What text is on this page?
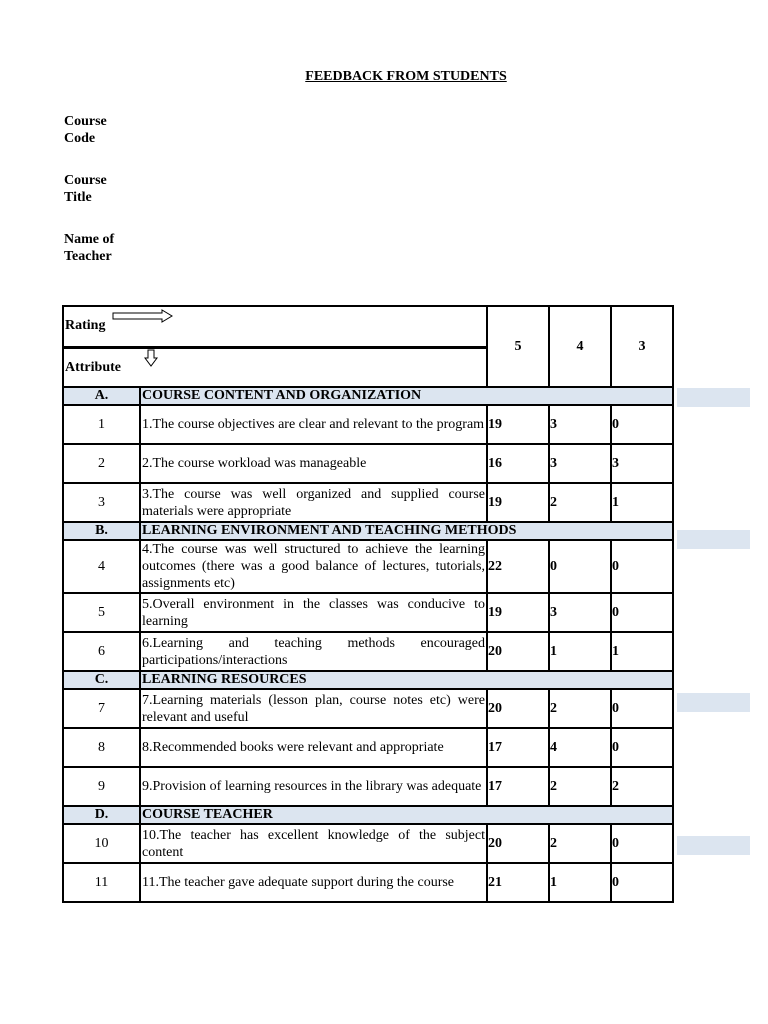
FEEDBACK FROM STUDENTS
Course Code
Course Title
Name of Teacher
Rating
Attribute		5	4	3
A.	COURSE CONTENT AND ORGANIZATION			

1	1.The course objectives are clear and relevant to the program	19	3	0
2	2.The course workload was manageable	16	3	3
3	3.The course was well organized and supplied course materials were appropriate	19	2	1
B.	LEARNING ENVIRONMENT AND TEACHING METHODS			

4	4.The course was well structured to achieve the learning outcomes (there was a good balance of lectures, tutorials, assignments etc)	22	0	0
5	5.Overall environment in the classes was conducive to learning	19	3	0
6	6.Learning and teaching methods encouraged participations/interactions	20	1	1
C.	LEARNING RESOURCES			

7	7.Learning materials (lesson plan, course notes etc) were relevant and useful	20	2	0
8	8.Recommended books were relevant and appropriate	17	4	0
9	9.Provision of learning resources in the library was adequate	17	2	2
D.	COURSE TEACHER			

10	10.The teacher has excellent knowledge of the subject content	20	2	0
11	11.The teacher gave adequate support during the course	21	1	0
